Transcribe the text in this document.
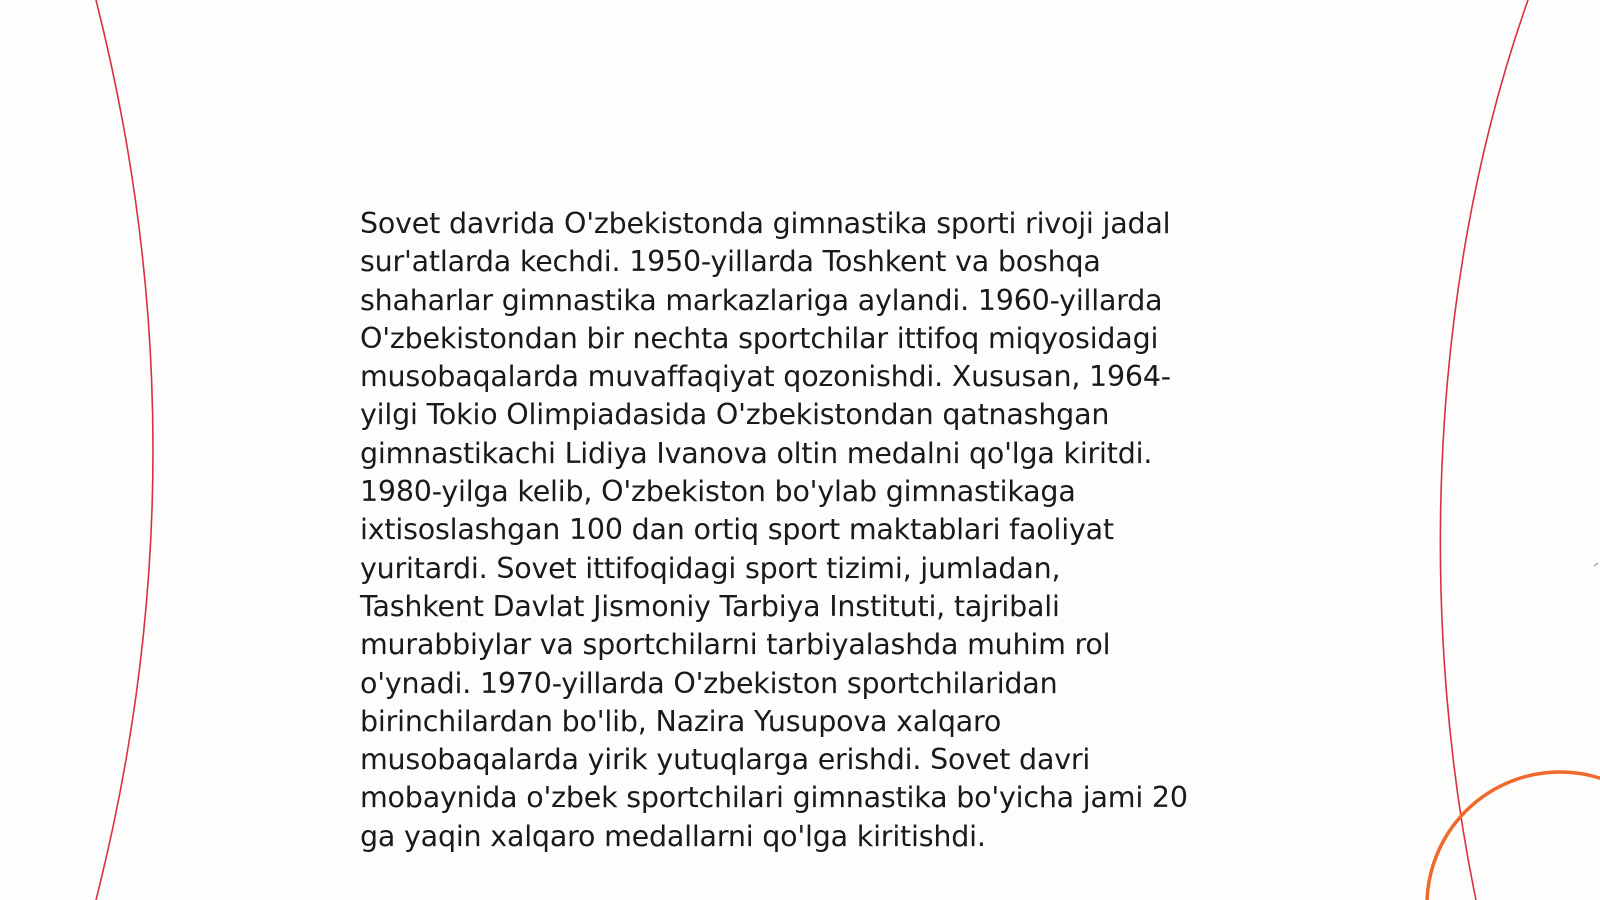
Sovet davrida O'zbekistonda gimnastika sporti rivoji jadal
sur'atlarda kechdi. 1950-yillarda Toshkent va boshqa
shaharlar gimnastika markazlariga aylandi. 1960-yillarda
O'zbekistondan bir nechta sportchilar ittifoq miqyosidagi
musobaqalarda muvaffaqiyat qozonishdi. Xususan, 1964-
yilgi Tokio Olimpiadasida O'zbekistondan qatnashgan
gimnastikachi Lidiya Ivanova oltin medalni qo'lga kiritdi.
1980-yilga kelib, O'zbekiston bo'ylab gimnastikaga
ixtisoslashgan 100 dan ortiq sport maktablari faoliyat
yuritardi. Sovet ittifoqidagi sport tizimi, jumladan,
Tashkent Davlat Jismoniy Tarbiya Instituti, tajribali
murabbiylar va sportchilarni tarbiyalashda muhim rol
o'ynadi. 1970-yillarda O'zbekiston sportchilaridan
birinchilardan bo'lib, Nazira Yusupova xalqaro
musobaqalarda yirik yutuqlarga erishdi. Sovet davri
mobaynida o'zbek sportchilari gimnastika bo'yicha jami 20
ga yaqin xalqaro medallarni qo'lga kiritishdi.
